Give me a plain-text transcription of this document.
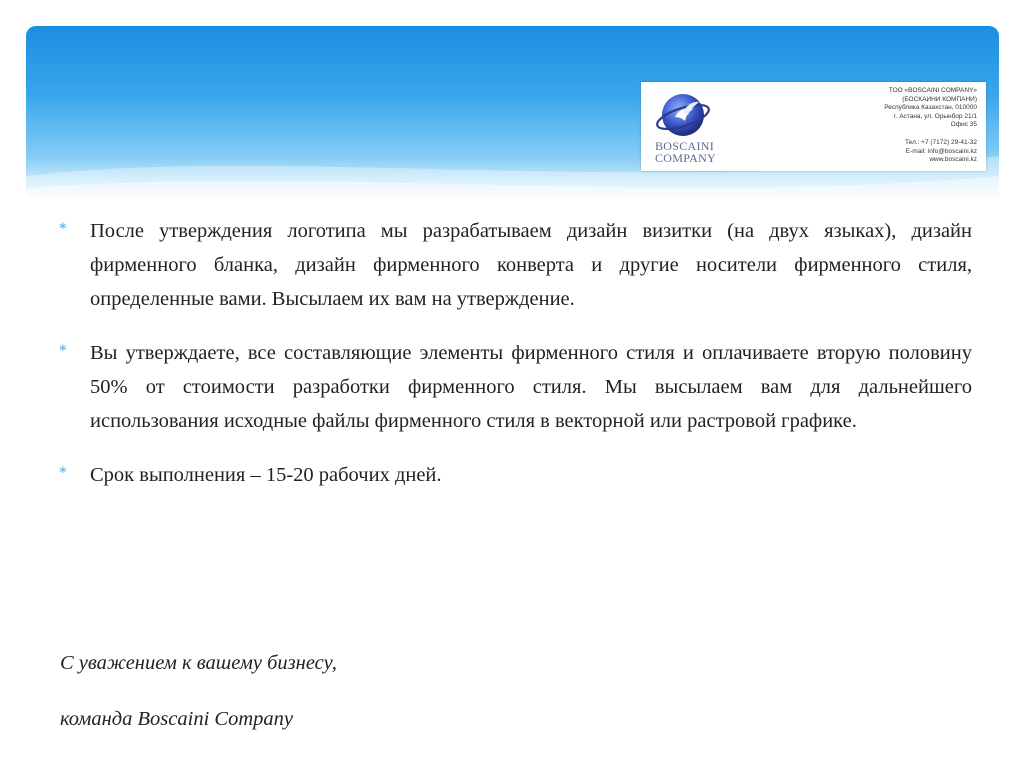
BOSCAINI
COMPANY
ТОО «BOSCAINI COMPANY»
(БОСКАИНИ КОМПАНИ)
Республика Казахстан, 010000
г. Астана, ул. Орынбор 21/1
Офис 35
Тел.: +7 (7172) 29-41-32
E-mail: info@boscaini.kz
www.boscaini.kz
∗ После утверждения логотипа мы разрабатываем дизайн визитки (на двух языках), дизайн фирменного бланка, дизайн фирменного конверта и другие носители фирменного стиля, определенные вами. Высылаем их вам на утверждение.

∗ Вы утверждаете, все составляющие элементы фирменного стиля и оплачиваете вторую половину 50% от стоимости разработки фирменного стиля. Мы высылаем вам для дальнейшего использования исходные файлы фирменного стиля в векторной или растровой графике.

∗ Срок выполнения – 15-20 рабочих дней.

С уважением к вашему бизнесу,

команда Boscaini Company
